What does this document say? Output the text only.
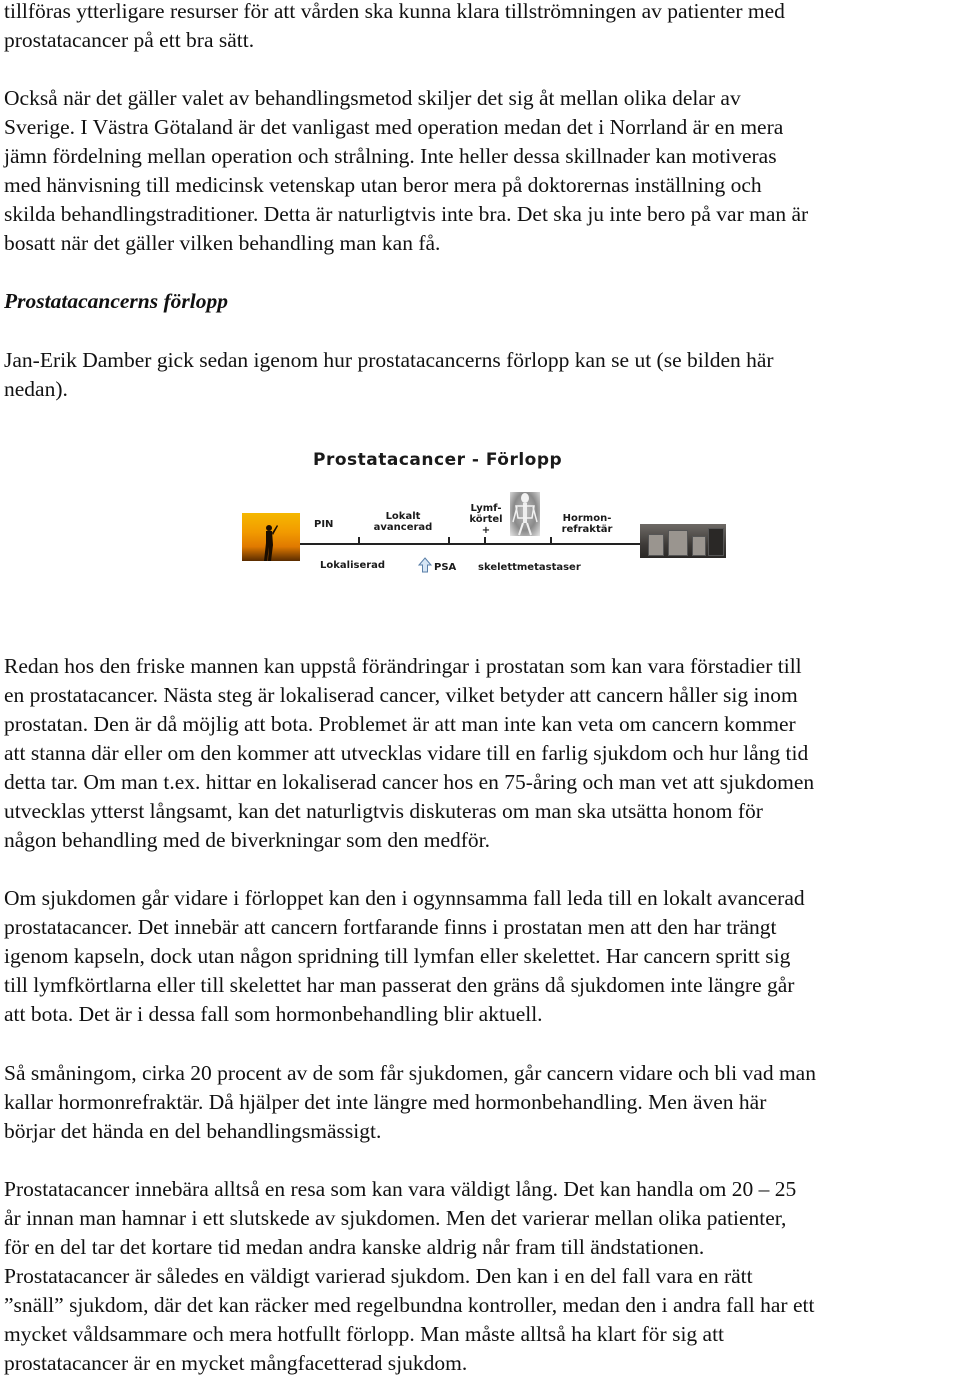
tillföras ytterligare resurser för att vården ska kunna klara tillströmningen av patienter med
prostatacancer på ett bra sätt.
Också när det gäller valet av behandlingsmetod skiljer det sig åt mellan olika delar av
Sverige. I Västra Götaland är det vanligast med operation medan det i Norrland är en mera
jämn fördelning mellan operation och strålning. Inte heller dessa skillnader kan motiveras
med hänvisning till medicinsk vetenskap utan beror mera på doktorernas inställning och
skilda behandlingstraditioner. Detta är naturligtvis inte bra. Det ska ju inte bero på var man är
bosatt när det gäller vilken behandling man kan få.
Prostatacancerns förlopp
Jan-Erik Damber gick sedan igenom hur prostatacancerns förlopp kan se ut (se bilden här
nedan).
Redan hos den friske mannen kan uppstå förändringar i prostatan som kan vara förstadier till
en prostatacancer. Nästa steg är lokaliserad cancer, vilket betyder att cancern håller sig inom
prostatan. Den är då möjlig att bota. Problemet är att man inte kan veta om cancern kommer
att stanna där eller om den kommer att utvecklas vidare till en farlig sjukdom och hur lång tid
detta tar. Om man t.ex. hittar en lokaliserad cancer hos en 75-åring och man vet att sjukdomen
utvecklas ytterst långsamt, kan det naturligtvis diskuteras om man ska utsätta honom för
någon behandling med de biverkningar som den medför.
Om sjukdomen går vidare i förloppet kan den i ogynnsamma fall leda till en lokalt avancerad
prostatacancer. Det innebär att cancern fortfarande finns i prostatan men att den har trängt
igenom kapseln, dock utan någon spridning till lymfan eller skelettet. Har cancern spritt sig
till lymfkörtlarna eller till skelettet har man passerat den gräns då sjukdomen inte längre går
att bota. Det är i dessa fall som hormonbehandling blir aktuell.
Så småningom, cirka 20 procent av de som får sjukdomen, går cancern vidare och bli vad man
kallar hormonrefraktär. Då hjälper det inte längre med hormonbehandling. Men även här
börjar det hända en del behandlingsmässigt.
Prostatacancer innebära alltså en resa som kan vara väldigt lång. Det kan handla om 20 – 25
år innan man hamnar i ett slutskede av sjukdomen. Men det varierar mellan olika patienter,
för en del tar det kortare tid medan andra kanske aldrig når fram till ändstationen.
Prostatacancer är således en väldigt varierad sjukdom. Den kan i en del fall vara en rätt
”snäll” sjukdom, där det kan räcker med regelbundna kontroller, medan den i andra fall har ett
mycket våldsammare och mera hotfullt förlopp. Man måste alltså ha klart för sig att
prostatacancer är en mycket mångfacetterad sjukdom.
Prostatacancer - Förlopp
PIN
Lokalt
avancerad
Lymf-
körtel
+
Hormon-
refraktär
Lokaliserad	PSA skelettmetastaser
